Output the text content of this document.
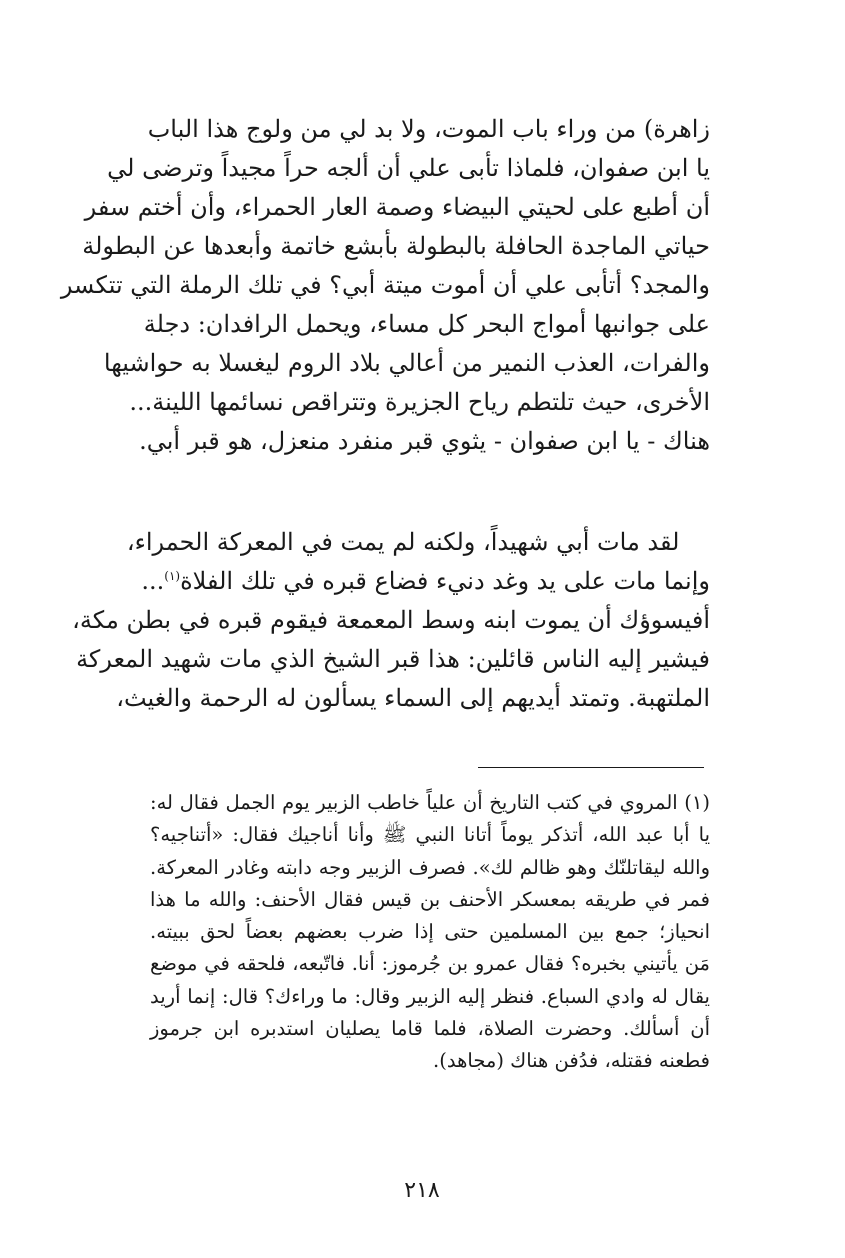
زاهرة) من وراء باب الموت، ولا بد لي من ولوج هذا الباب
يا ابن صفوان، فلماذا تأبى علي أن ألجه حراً مجيداً وترضى لي
أن أطبع على لحيتي البيضاء وصمة العار الحمراء، وأن أختم سفر
حياتي الماجدة الحافلة بالبطولة بأبشع خاتمة وأبعدها عن البطولة
والمجد؟ أتأبى علي أن أموت ميتة أبي؟ في تلك الرملة التي تتكسر
على جوانبها أمواج البحر كل مساء، ويحمل الرافدان: دجلة
والفرات، العذب النمير من أعالي بلاد الروم ليغسلا به حواشيها
الأخرى، حيث تلتطم رياح الجزيرة وتتراقص نسائمها اللينة...
هناك - يا ابن صفوان - يثوي قبر منفرد منعزل، هو قبر أبي.
لقد مات أبي شهيداً، ولكنه لم يمت في المعركة الحمراء،
وإنما مات على يد وغد دنيء فضاع قبره في تلك الفلاة$^{(١)}$...
أفيسوؤك أن يموت ابنه وسط المعمعة فيقوم قبره في بطن مكة،
فيشير إليه الناس قائلين: هذا قبر الشيخ الذي مات شهيد المعركة
الملتهبة. وتمتد أيديهم إلى السماء يسألون له الرحمة والغيث،
(١) المروي في كتب التاريخ أن علياً خاطب الزبير يوم الجمل فقال له:
يا أبا عبد الله، أتذكر يوماً أتانا النبي ﷺ وأنا أناجيك فقال: «أتناجيه؟
والله ليقاتلنّك وهو ظالم لك». فصرف الزبير وجه دابته وغادر المعركة.
فمر في طريقه بمعسكر الأحنف بن قيس فقال الأحنف: والله ما هذا
انحياز؛ جمع بين المسلمين حتى إذا ضرب بعضهم بعضاً لحق ببيته.
مَن يأتيني بخبره؟ فقال عمرو بن جُرموز: أنا. فاتّبعه، فلحقه في موضع
يقال له وادي السباع. فنظر إليه الزبير وقال: ما وراءك؟ قال: إنما أريد
أن أسألك. وحضرت الصلاة، فلما قاما يصليان استدبره ابن جرموز
فطعنه فقتله، فدُفن هناك (مجاهد).
٢١٨
